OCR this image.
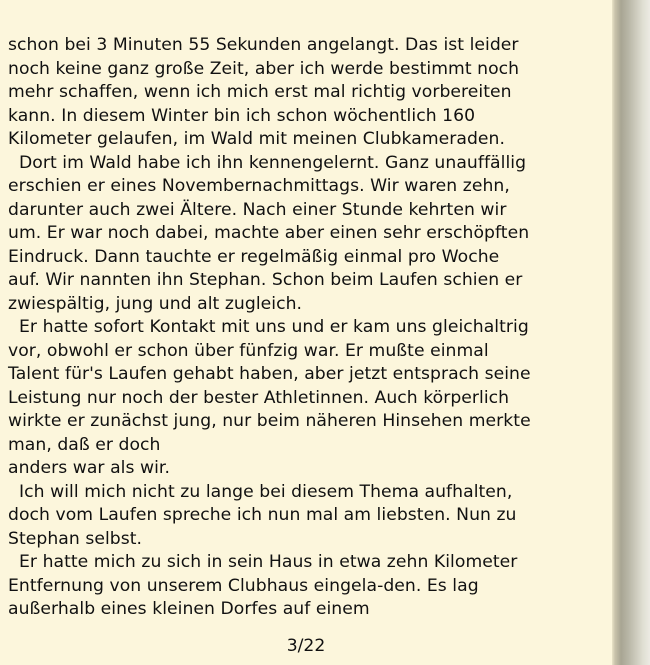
schon bei 3 Minuten 55 Sekunden angelangt. Das ist leider
noch keine ganz große Zeit, aber ich werde bestimmt noch
mehr schaffen, wenn ich mich erst mal richtig vorbereiten
kann. In diesem Winter bin ich schon wöchentlich 160
Kilometer gelaufen, im Wald mit meinen Clubkameraden.
Dort im Wald habe ich ihn kennengelernt. Ganz unauffällig
erschien er eines Novembernachmittags. Wir waren zehn,
darunter auch zwei Ältere. Nach einer Stunde kehrten wir
um. Er war noch dabei, machte aber einen sehr erschöpften
Eindruck. Dann tauchte er regelmäßig einmal pro Woche
auf. Wir nannten ihn Stephan. Schon beim Laufen schien er
zwiespältig, jung und alt zugleich.
Er hatte sofort Kontakt mit uns und er kam uns gleichaltrig
vor, obwohl er schon über fünfzig war. Er mußte einmal
Talent für's Laufen gehabt haben, aber jetzt entsprach seine
Leistung nur noch der bester Athletinnen. Auch körperlich
wirkte er zunächst jung, nur beim näheren Hinsehen merkte
man, daß er doch
anders war als wir.
Ich will mich nicht zu lange bei diesem Thema aufhalten,
doch vom Laufen spreche ich nun mal am liebsten. Nun zu
Stephan selbst.
Er hatte mich zu sich in sein Haus in etwa zehn Kilometer
Entfernung von unserem Clubhaus eingela-den. Es lag
außerhalb eines kleinen Dorfes auf einem
3/22
